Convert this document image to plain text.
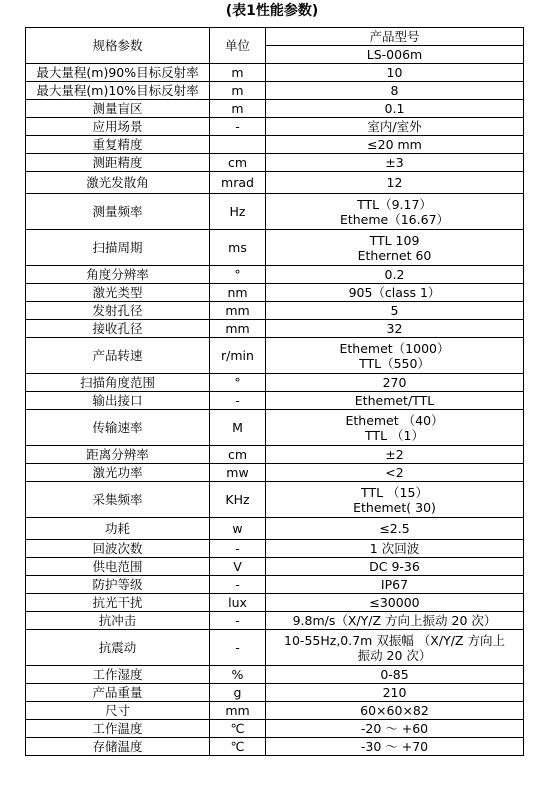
(表1性能参数)
规格参数	单位	产品型号
		LS-006m
最大量程(m)90%目标反射率	m	10

最大量程(m)10%目标反射率	m	8

测量盲区	m	0.1

应用场景	-	室内/室外

重复精度		≤20 mm

测距精度	cm	±3

激光发散角	mrad	12

测量频率	Hz	TTL（9.17）
Etheme（16.67）

扫描周期	ms	TTL 109
Ethernet 60

角度分辨率	°	0.2

激光类型	nm	905（class 1）

发射孔径	mm	5

接收孔径	mm	32

产品转速	r/min	Ethemet（1000）
TTL（550）

扫描角度范围	°	270

输出接口	-	Ethemet/TTL

传输速率	M	Ethemet （40）
TTL （1）

距离分辨率	cm	±2

激光功率	mw	<2

采集频率	KHz	TTL （15）
Ethemet( 30)

功耗	w	≤2.5

回波次数	-	1 次回波

供电范围	V	DC 9-36

防护等级	-	IP67

抗光干扰	lux	≤30000

抗冲击	-	9.8m/s（X/Y/Z 方向上振动 20 次）

抗震动	-	10-55Hz,0.7m 双振幅 （X/Y/Z 方向上
振动 20 次）

工作湿度	%	0-85

产品重量	g	210

尺寸	mm	60×60×82

工作温度	℃	-20 ～ +60

存储温度	℃	-30 ～ +70
